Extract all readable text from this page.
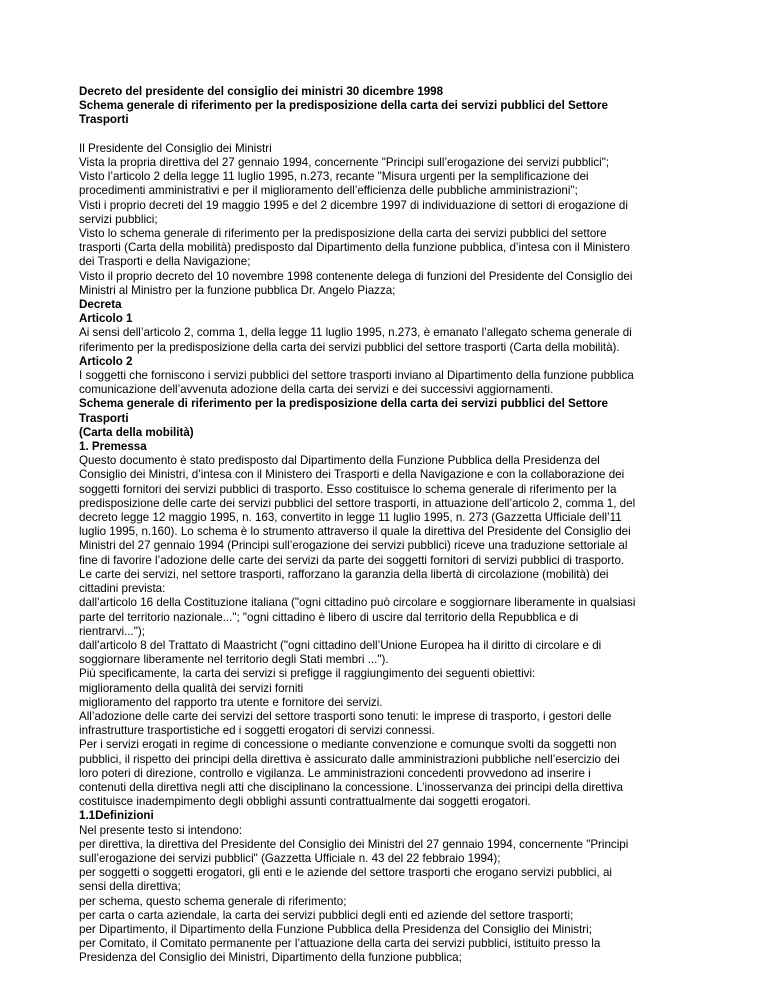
Decreto del presidente del consiglio dei ministri 30 dicembre 1998
Schema generale di riferimento per la predisposizione della carta dei servizi pubblici del Settore
Trasporti
Il Presidente del Consiglio dei Ministri
Vista la propria direttiva del 27 gennaio 1994, concernente "Principi sull’erogazione dei servizi pubblici";
Visto l’articolo 2 della legge 11 luglio 1995, n.273, recante "Misura urgenti per la semplificazione dei
procedimenti amministrativi e per il miglioramento dell’efficienza delle pubbliche amministrazioni";
Visti i proprio decreti del 19 maggio 1995 e del 2 dicembre 1997 di individuazione di settori di erogazione di
servizi pubblici;
Visto lo schema generale di riferimento per la predisposizione della carta dei servizi pubblici del settore
trasporti (Carta della mobilità) predisposto dal Dipartimento della funzione pubblica, d’intesa con il Ministero
dei Trasporti e della Navigazione;
Visto il proprio decreto del 10 novembre 1998 contenente delega di funzioni del Presidente del Consiglio dei
Ministri al Ministro per la funzione pubblica Dr. Angelo Piazza;
Decreta
Articolo 1
Ai sensi dell’articolo 2, comma 1, della legge 11 luglio 1995, n.273, è emanato l’allegato schema generale di
riferimento per la predisposizione della carta dei servizi pubblici del settore trasporti (Carta della mobilità).
Articolo 2
I soggetti che forniscono i servizi pubblici del settore trasporti inviano al Dipartimento della funzione pubblica
comunicazione dell’avvenuta adozione della carta dei servizi e dei successivi aggiornamenti.
Schema generale di riferimento per la predisposizione della carta dei servizi pubblici del Settore
Trasporti
(Carta della mobilità)
1. Premessa
Questo documento è stato predisposto dal Dipartimento della Funzione Pubblica della Presidenza del
Consiglio dei Ministri, d’intesa con il Ministero dei Trasporti e della Navigazione e con la collaborazione dei
soggetti fornitori dei servizi pubblici di trasporto. Esso costituisce lo schema generale di riferimento per la
predisposizione delle carte dei servizi pubblici del settore trasporti, in attuazione dell’articolo 2, comma 1, del
decreto legge 12 maggio 1995, n. 163, convertito in legge 11 luglio 1995, n. 273 (Gazzetta Ufficiale dell’11
luglio 1995, n.160). Lo schema è lo strumento attraverso il quale la direttiva del Presidente del Consiglio dei
Ministri del 27 gennaio 1994 (Principi sull’erogazione dei servizi pubblici) riceve una traduzione settoriale al
fine di favorire l’adozione delle carte dei servizi da parte dei soggetti fornitori di servizi pubblici di trasporto.
Le carte dei servizi, nel settore trasporti, rafforzano la garanzia della libertà di circolazione (mobilità) dei
cittadini prevista:
dall’articolo 16 della Costituzione italiana ("ogni cittadino può circolare e soggiornare liberamente in qualsiasi
parte del territorio nazionale..."; "ogni cittadino è libero di uscire dal territorio della Repubblica e di
rientrarvi...");
dall’articolo 8 del Trattato di Maastricht ("ogni cittadino dell’Unione Europea ha il diritto di circolare e di
soggiornare liberamente nel territorio degli Stati membri ...").
Più specificamente, la carta dei servizi si prefigge il raggiungimento dei seguenti obiettivi:
miglioramento della qualità dei servizi forniti
miglioramento del rapporto tra utente e fornitore dei servizi.
All’adozione delle carte dei servizi del settore trasporti sono tenuti: le imprese di trasporto, i gestori delle
infrastrutture trasportistiche ed i soggetti erogatori di servizi connessi.
Per i servizi erogati in regime di concessione o mediante convenzione e comunque svolti da soggetti non
pubblici, il rispetto dei principi della direttiva è assicurato dalle amministrazioni pubbliche nell’esercizio dei
loro poteri di direzione, controllo e vigilanza. Le amministrazioni concedenti provvedono ad inserire i
contenuti della direttiva negli atti che disciplinano la concessione. L’inosservanza dei principi della direttiva
costituisce inadempimento degli obblighi assunti contrattualmente dai soggetti erogatori.
1.1Definizioni
Nel presente testo si intendono:
per direttiva, la direttiva del Presidente del Consiglio dei Ministri del 27 gennaio 1994, concernente "Principi
sull’erogazione dei servizi pubblici" (Gazzetta Ufficiale n. 43 del 22 febbraio 1994);
per soggetti o soggetti erogatori, gli enti e le aziende del settore trasporti che erogano servizi pubblici, ai
sensi della direttiva;
per schema, questo schema generale di riferimento;
per carta o carta aziendale, la carta dei servizi pubblici degli enti ed aziende del settore trasporti;
per Dipartimento, il Dipartimento della Funzione Pubblica della Presidenza del Consiglio dei Ministri;
per Comitato, il Comitato permanente per l’attuazione della carta dei servizi pubblici, istituito presso la
Presidenza del Consiglio dei Ministri, Dipartimento della funzione pubblica;
